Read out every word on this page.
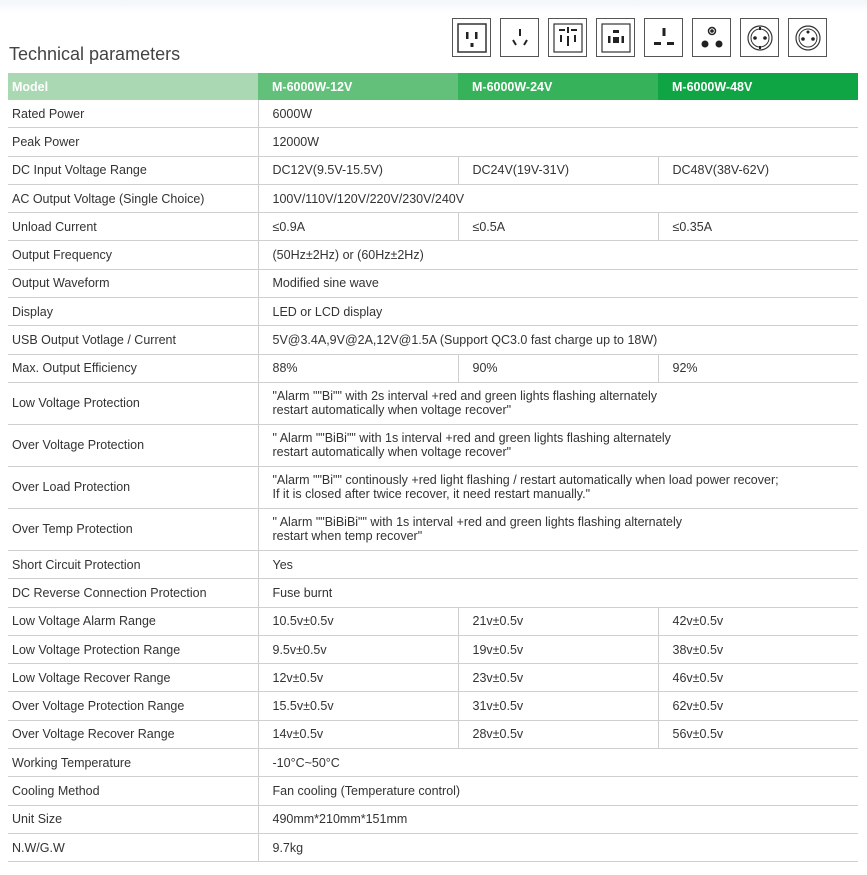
Technical parameters
Model	M-6000W-12V	M-6000W-24V	M-6000W-48V
Rated Power	6000W		

Peak Power	12000W		

DC Input Voltage Range	DC12V(9.5V-15.5V)	DC24V(19V-31V)	DC48V(38V-62V)
AC Output Voltage (Single Choice)	100V/110V/120V/220V/230V/240V		

Unload Current	≤0.9A	≤0.5A	≤0.35A
Output Frequency	(50Hz±2Hz) or (60Hz±2Hz)		

Output Waveform	Modified sine wave		

Display	LED or LCD display		

USB Output Votlage / Current	5V@3.4A,9V@2A,12V@1.5A (Support QC3.0 fast charge up to 18W)		

Max. Output Efficiency	88%	90%	92%
Low Voltage Protection	"Alarm ""Bi"" with 2s interval +red and green lights flashing alternately
restart automatically when voltage recover"		

Over Voltage Protection	" Alarm ""BiBi"" with 1s interval +red and green lights flashing alternately
restart automatically when voltage recover"		

Over Load Protection	"Alarm ""Bi"" continously +red light flashing / restart automatically when load power recover;
If it is closed after twice recover, it need restart manually."		

Over Temp Protection	" Alarm ""BiBiBi"" with 1s interval +red and green lights flashing alternately
restart when temp recover"		

Short Circuit Protection	Yes		

DC Reverse Connection Protection	Fuse burnt		

Low Voltage Alarm Range	10.5v±0.5v	21v±0.5v	42v±0.5v
Low Voltage Protection Range	9.5v±0.5v	19v±0.5v	38v±0.5v
Low Voltage Recover Range	12v±0.5v	23v±0.5v	46v±0.5v
Over Voltage Protection Range	15.5v±0.5v	31v±0.5v	62v±0.5v
Over Voltage Recover Range	14v±0.5v	28v±0.5v	56v±0.5v
Working Temperature	-10°C~50°C		

Cooling Method	Fan cooling (Temperature control)		

Unit Size	490mm*210mm*151mm		

N.W/G.W	9.7kg		
